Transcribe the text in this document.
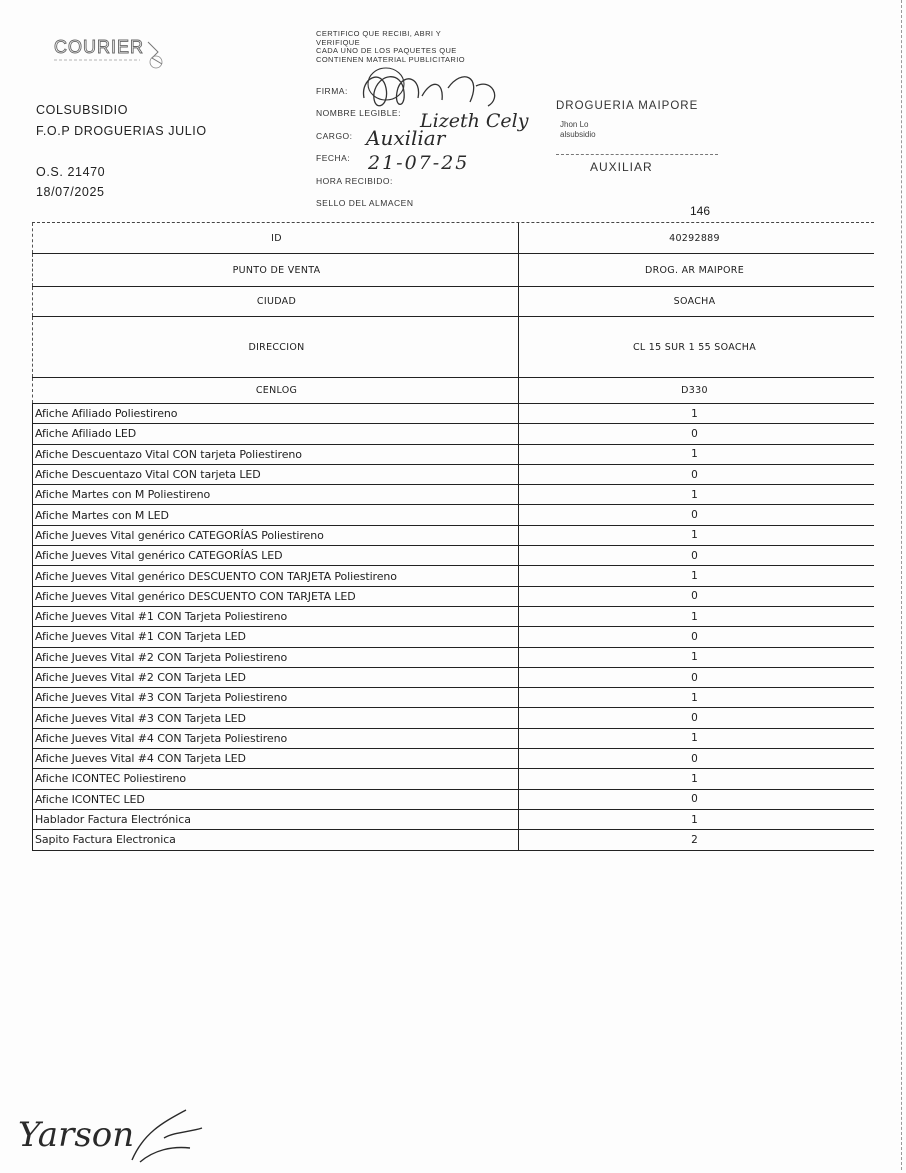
COURIER
COLSUBSIDIO
F.O.P DROGUERIAS JULIO
O.S. 21470
18/07/2025
CERTIFICO QUE RECIBI, ABRI Y
VERIFIQUE
CADA UNO DE LOS PAQUETES QUE
CONTIENEN MATERIAL PUBLICITARIO
FIRMA:
NOMBRE LEGIBLE:
CARGO:
FECHA:
HORA RECIBIDO:
SELLO DEL ALMACEN
Lizeth Cely
Auxiliar
21-07-25
DROGUERIA MAIPORE
Jhon Lo
alsubsidio
AUXILIAR
146
ID	40292889
PUNTO DE VENTA	DROG. AR MAIPORE
CIUDAD	SOACHA
DIRECCION	CL 15 SUR 1 55 SOACHA
CENLOG	D330
Afiche Afiliado Poliestireno	1
Afiche Afiliado LED	0
Afiche Descuentazo Vital CON tarjeta Poliestireno	1
Afiche Descuentazo Vital CON tarjeta LED	0
Afiche Martes con M Poliestireno	1
Afiche Martes con M LED	0
Afiche Jueves Vital genérico CATEGORÍAS Poliestireno	1
Afiche Jueves Vital genérico CATEGORÍAS LED	0
Afiche Jueves Vital genérico DESCUENTO CON TARJETA Poliestireno	1
Afiche Jueves Vital genérico DESCUENTO CON TARJETA LED	0
Afiche Jueves Vital #1 CON Tarjeta Poliestireno	1
Afiche Jueves Vital #1 CON Tarjeta LED	0
Afiche Jueves Vital #2 CON Tarjeta Poliestireno	1
Afiche Jueves Vital #2 CON Tarjeta LED	0
Afiche Jueves Vital #3 CON Tarjeta Poliestireno	1
Afiche Jueves Vital #3 CON Tarjeta LED	0
Afiche Jueves Vital #4 CON Tarjeta Poliestireno	1
Afiche Jueves Vital #4 CON Tarjeta LED	0
Afiche ICONTEC Poliestireno	1
Afiche ICONTEC LED	0
Hablador Factura Electrónica	1
Sapito Factura Electronica	2
Yarson
